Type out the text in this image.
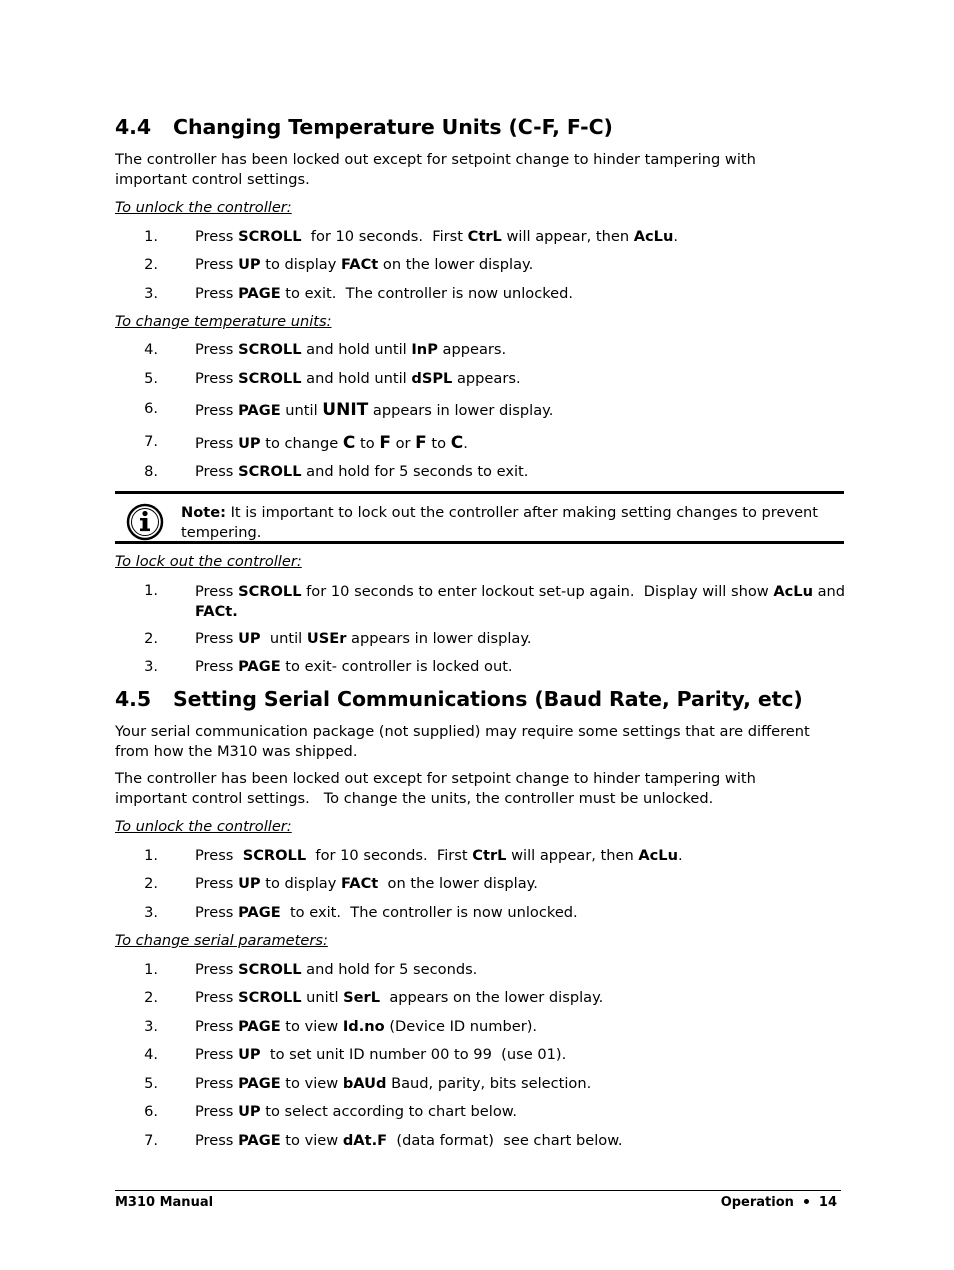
4.4 Changing Temperature Units (C-F, F-C)
The controller has been locked out except for setpoint change to hinder tampering with important control settings.
To unlock the controller:
1.	Press SCROLL  for 10 seconds.  First CtrL will appear, then AcLu.
2.	Press UP to display FACt on the lower display.
3.	Press PAGE to exit.  The controller is now unlocked.
To change temperature units:
4.	Press SCROLL and hold until InP appears.
5.	Press SCROLL and hold until dSPL appears.
6.	Press PAGE until UNIT appears in lower display.
7.	Press UP to change C to F or F to C.
8.	Press SCROLL and hold for 5 seconds to exit.
Note: It is important to lock out the controller after making setting changes to prevent tempering.
To lock out the controller:
1.	Press SCROLL for 10 seconds to enter lockout set-up again.  Display will show AcLu and FACt.
2.	Press UP  until USEr appears in lower display.
3.	Press PAGE to exit- controller is locked out.
4.5 Setting Serial Communications (Baud Rate, Parity, etc)
Your serial communication package (not supplied) may require some settings that are different from how the M310 was shipped.
The controller has been locked out except for setpoint change to hinder tampering with important control settings.   To change the units, the controller must be unlocked.
To unlock the controller:
1.	Press  SCROLL  for 10 seconds.  First CtrL will appear, then AcLu.
2.	Press UP to display FACt  on the lower display.
3.	Press PAGE  to exit.  The controller is now unlocked.
To change serial parameters:
1.	Press SCROLL and hold for 5 seconds.
2.	Press SCROLL unitl SerL  appears on the lower display.
3.	Press PAGE to view Id.no (Device ID number).
4.	Press UP  to set unit ID number 00 to 99  (use 01).
5.	Press PAGE to view bAUd Baud, parity, bits selection.
6.	Press UP to select according to chart below.
7.	Press PAGE to view dAt.F  (data format)  see chart below.
M310 Manual	Operation 14
